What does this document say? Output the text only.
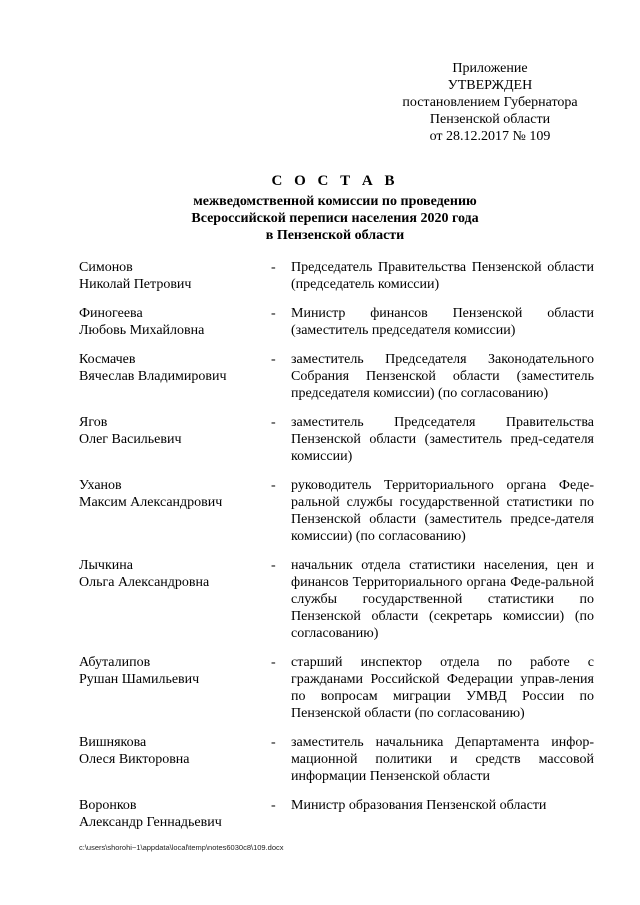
Приложение
УТВЕРЖДЕН
постановлением Губернатора
Пензенской области
от 28.12.2017 № 109
С О С Т А В
межведомственной комиссии по проведению
Всероссийской переписи населения 2020 года
в Пензенской области
Симонов
Николай Петрович
-	Председатель Правительства Пензенской области (председатель комиссии)
Финогеева
Любовь Михайловна
-	Министр финансов Пензенской области (заместитель председателя комиссии)
Космачев
Вячеслав Владимирович
-	заместитель Председателя Законодательного Собрания Пензенской области (заместитель председателя комиссии) (по согласованию)
Ягов
Олег Васильевич
-	заместитель Председателя Правительства Пензенской области (заместитель пред-седателя комиссии)
Уханов
Максим Александрович
-	руководитель Территориального органа Феде-ральной службы государственной статистики по Пензенской области (заместитель предсе-дателя комиссии) (по согласованию)
Лычкина
Ольга Александровна
-	начальник отдела статистики населения, цен и финансов Территориального органа Феде-ральной службы государственной статистики по Пензенской области (секретарь комиссии) (по согласованию)
Абуталипов
Рушан Шамильевич
-	старший инспектор отдела по работе с гражданами Российской Федерации управ-ления по вопросам миграции УМВД России по Пензенской области (по согласованию)
Вишнякова
Олеся Викторовна
-	заместитель начальника Департамента инфор-мационной политики и средств массовой информации Пензенской области
Воронков
Александр Геннадьевич
-	Министр образования Пензенской области
c:\users\shorohi~1\appdata\local\temp\notes6030c8\109.docx
